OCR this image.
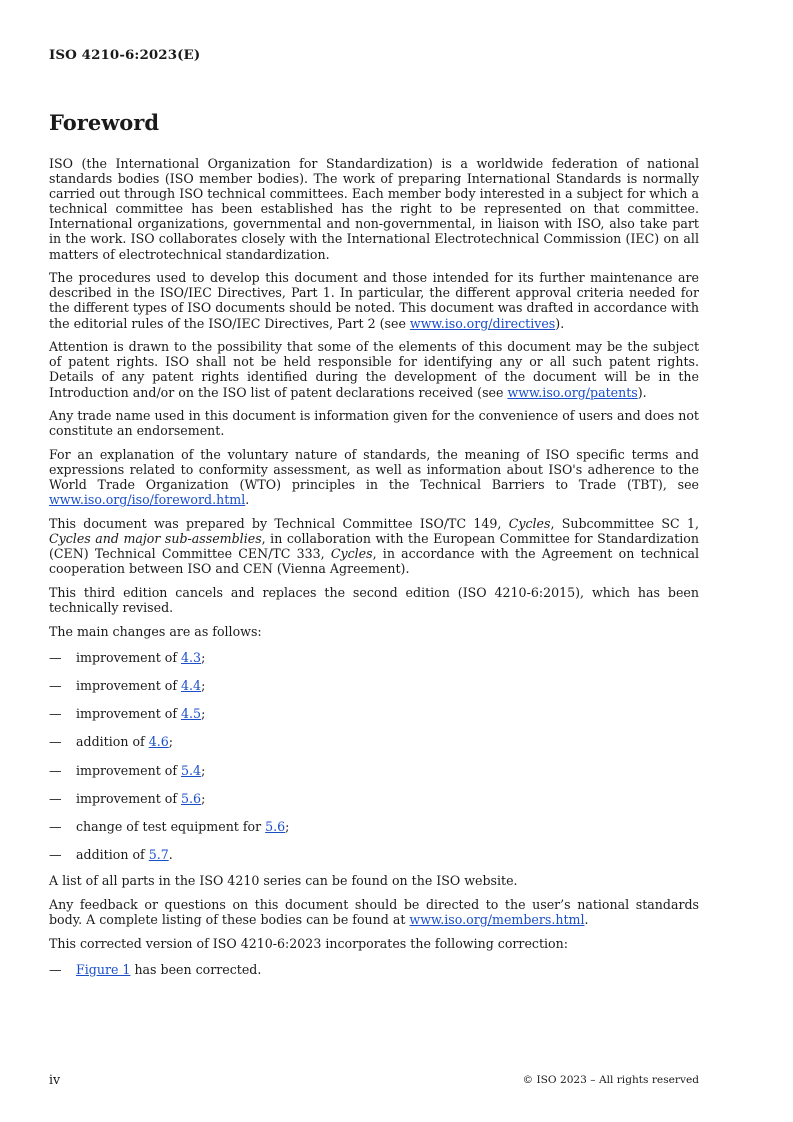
ISO 4210-6:2023(E)
Foreword

ISO (the International Organization for Standardization) is a worldwide federation of national standards bodies (ISO member bodies). The work of preparing International Standards is normally carried out through ISO technical committees. Each member body interested in a subject for which a technical committee has been established has the right to be represented on that committee. International organizations, governmental and non-governmental, in liaison with ISO, also take part in the work. ISO collaborates closely with the International Electrotechnical Commission (IEC) on all matters of electrotechnical standardization.

The procedures used to develop this document and those intended for its further maintenance are described in the ISO/IEC Directives, Part 1. In particular, the different approval criteria needed for the different types of ISO documents should be noted. This document was drafted in accordance with the editorial rules of the ISO/IEC Directives, Part 2 (see www.iso.org/directives).

Attention is drawn to the possibility that some of the elements of this document may be the subject of patent rights. ISO shall not be held responsible for identifying any or all such patent rights. Details of any patent rights identified during the development of the document will be in the Introduction and/or on the ISO list of patent declarations received (see www.iso.org/patents).

Any trade name used in this document is information given for the convenience of users and does not constitute an endorsement.

For an explanation of the voluntary nature of standards, the meaning of ISO specific terms and expressions related to conformity assessment, as well as information about ISO's adherence to the World Trade Organization (WTO) principles in the Technical Barriers to Trade (TBT), see www.iso.org/iso/foreword.html.

This document was prepared by Technical Committee ISO/TC 149, Cycles, Subcommittee SC 1, Cycles and major sub-assemblies, in collaboration with the European Committee for Standardization (CEN) Technical Committee CEN/TC 333, Cycles, in accordance with the Agreement on technical cooperation between ISO and CEN (Vienna Agreement).

This third edition cancels and replaces the second edition (ISO 4210-6:2015), which has been technically revised.

The main changes are as follows:

—	improvement of 4.3;
—	improvement of 4.4;
—	improvement of 4.5;
—	addition of 4.6;
—	improvement of 5.4;
—	improvement of 5.6;
—	change of test equipment for 5.6;
—	addition of 5.7.

A list of all parts in the ISO 4210 series can be found on the ISO website.

Any feedback or questions on this document should be directed to the user’s national standards body. A complete listing of these bodies can be found at www.iso.org/members.html.

This corrected version of ISO 4210-6:2023 incorporates the following correction:

—	Figure 1 has been corrected.
iv	© ISO 2023 – All rights reserved
